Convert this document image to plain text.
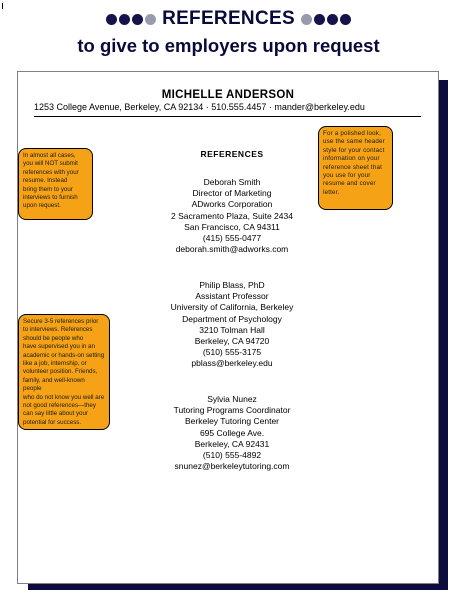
REFERENCES
to give to employers upon request
MICHELLE ANDERSON
1253 College Avenue, Berkeley, CA 92134 · 510.555.4457 · mander@berkeley.edu
REFERENCES
Deborah Smith
Director of Marketing
ADworks Corporation
2 Sacramento Plaza, Suite 2434
San Francisco, CA 94311
(415) 555-0477
deborah.smith@adworks.com
Philip Blass, PhD
Assistant Professor
University of California, Berkeley
Department of Psychology
3210 Tolman Hall
Berkeley, CA 94720
(510) 555-3175
pblass@berkeley.edu
Sylvia Nunez
Tutoring Programs Coordinator
Berkeley Tutoring Center
695 College Ave.
Berkeley, CA 92431
(510) 555-4892
snunez@berkeleytutoring.com
In almost all cases,
you will NOT submit
references with your
resume. Instead
bring them to your
interviews to furnish
upon request.
Secure 3-5 references prior
to interviews. References
should be people who
have supervised you in an
academic or hands-on setting
like a job, internship, or
volunteer position. Friends,
family, and well-known people
who do not know you well are
not good references—they
can say little about your
potential for success.
For a polished look,
use the same header
style for your contact
information on your
reference sheet that
you use for your
resume and cover
letter.
